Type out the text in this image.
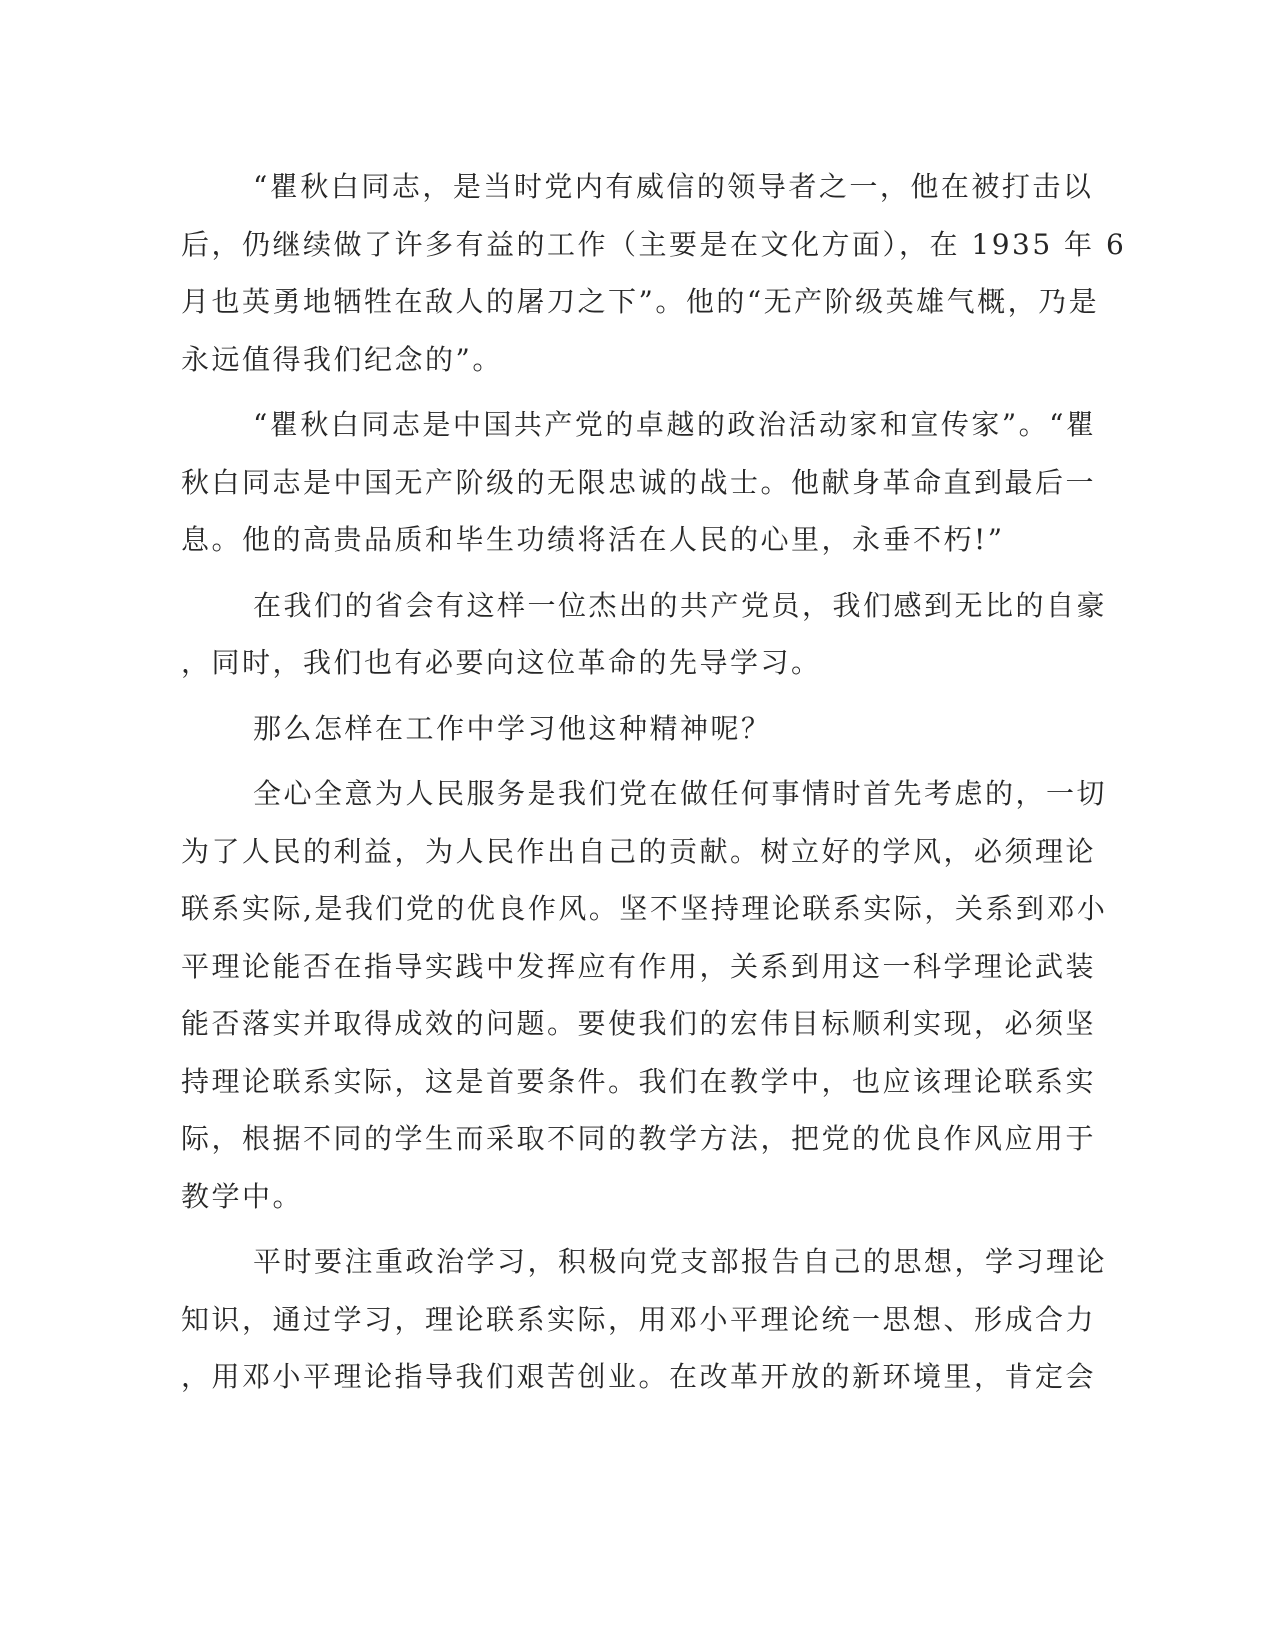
“瞿秋白同志，是当时党内有威信的领导者之一，他在被打击以
后，仍继续做了许多有益的工作（主要是在文化方面），在 1935 年 6
月也英勇地牺牲在敌人的屠刀之下”。他的“无产阶级英雄气概，乃是
永远值得我们纪念的”。
“瞿秋白同志是中国共产党的卓越的政治活动家和宣传家”。“瞿
秋白同志是中国无产阶级的无限忠诚的战士。他献身革命直到最后一
息。他的高贵品质和毕生功绩将活在人民的心里，永垂不朽!”
在我们的省会有这样一位杰出的共产党员，我们感到无比的自豪
，同时，我们也有必要向这位革命的先导学习。
那么怎样在工作中学习他这种精神呢？
全心全意为人民服务是我们党在做任何事情时首先考虑的，一切
为了人民的利益，为人民作出自己的贡献。树立好的学风，必须理论
联系实际,是我们党的优良作风。坚不坚持理论联系实际，关系到邓小
平理论能否在指导实践中发挥应有作用，关系到用这一科学理论武装
能否落实并取得成效的问题。要使我们的宏伟目标顺利实现，必须坚
持理论联系实际，这是首要条件。我们在教学中，也应该理论联系实
际，根据不同的学生而采取不同的教学方法，把党的优良作风应用于
教学中。
平时要注重政治学习，积极向党支部报告自己的思想，学习理论
知识，通过学习，理论联系实际，用邓小平理论统一思想、形成合力
，用邓小平理论指导我们艰苦创业。在改革开放的新环境里，肯定会
